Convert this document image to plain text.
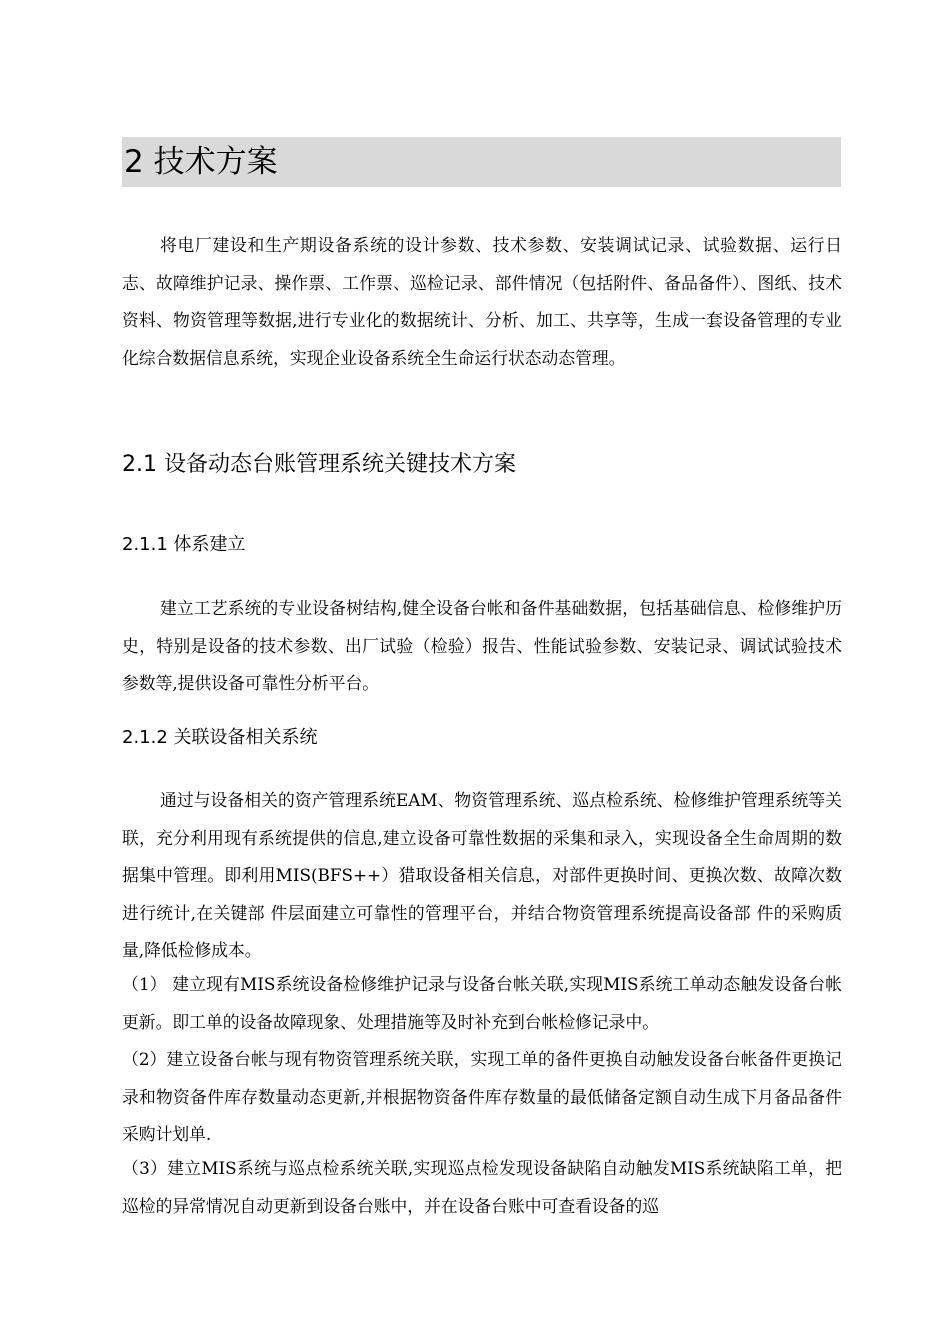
2 技术方案
将电厂建设和生产期设备系统的设计参数、技术参数、安装调试记录、试验数据、运行日志、故障维护记录、操作票、工作票、巡检记录、部件情况（包括附件、备品备件）、图纸、技术资料、物资管理等数据,进行专业化的数据统计、分析、加工、共享等，生成一套设备管理的专业化综合数据信息系统，实现企业设备系统全生命运行状态动态管理。
2.1 设备动态台账管理系统关键技术方案
2.1.1 体系建立
建立工艺系统的专业设备树结构,健全设备台帐和备件基础数据，包括基础信息、检修维护历史，特别是设备的技术参数、出厂试验（检验）报告、性能试验参数、安装记录、调试试验技术参数等,提供设备可靠性分析平台。
2.1.2 关联设备相关系统
通过与设备相关的资产管理系统EAM、物资管理系统、巡点检系统、检修维护管理系统等关联，充分利用现有系统提供的信息,建立设备可靠性数据的采集和录入，实现设备全生命周期的数据集中管理。即利用MIS(BFS++）猎取设备相关信息，对部件更换时间、更换次数、故障次数进行统计,在关键部 件层面建立可靠性的管理平台，并结合物资管理系统提高设备部 件的采购质量,降低检修成本。
（1） 建立现有MIS系统设备检修维护记录与设备台帐关联,实现MIS系统工单动态触发设备台帐更新。即工单的设备故障现象、处理措施等及时补充到台帐检修记录中。
（2）建立设备台帐与现有物资管理系统关联，实现工单的备件更换自动触发设备台帐备件更换记录和物资备件库存数量动态更新,并根据物资备件库存数量的最低储备定额自动生成下月备品备件采购计划单.
（3）建立MIS系统与巡点检系统关联,实现巡点检发现设备缺陷自动触发MIS系统缺陷工单，把巡检的异常情况自动更新到设备台账中，并在设备台账中可查看设备的巡
